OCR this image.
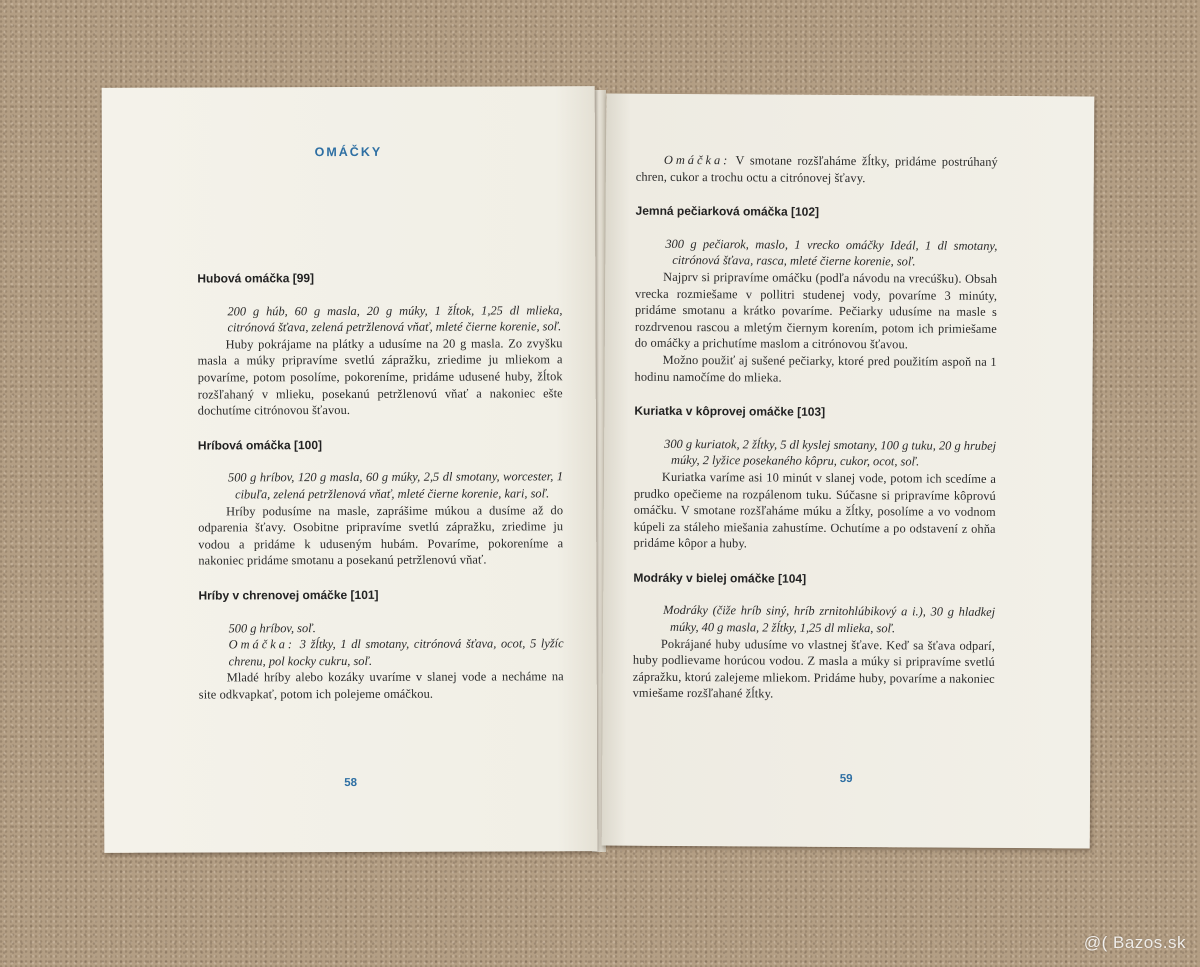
OMÁČKY
Hubová omáčka [99]
200 g húb, 60 g masla, 20 g múky, 1 žĺtok, 1,25 dl mlieka, citrónová šťava, zelená petržlenová vňať, mleté čierne korenie, soľ.
Huby pokrájame na plátky a udusíme na 20 g masla. Zo zvyšku masla a múky pripravíme svetlú zápražku, zriedime ju mliekom a povaríme, potom posolíme, pokoreníme, pridáme udusené huby, žĺtok rozšľahaný v mlieku, posekanú petržlenovú vňať a nakoniec ešte dochutíme citrónovou šťavou.
Hríbová omáčka [100]
500 g hríbov, 120 g masla, 60 g múky, 2,5 dl smotany, worcester, 1 cibuľa, zelená petržlenová vňať, mleté čierne korenie, kari, soľ.
Hríby podusíme na masle, zaprášime múkou a dusíme až do odparenia šťavy. Osobitne pripravíme svetlú zápražku, zriedime ju vodou a pridáme k uduseným hubám. Povaríme, pokoreníme a nakoniec pridáme smotanu a posekanú petržlenovú vňať.
Hríby v chrenovej omáčke [101]
500 g hríbov, soľ.
Omáčka: 3 žĺtky, 1 dl smotany, citrónová šťava, ocot, 5 lyžíc chrenu, pol kocky cukru, soľ.
Mladé hríby alebo kozáky uvaríme v slanej vode a necháme na site odkvapkať, potom ich polejeme omáčkou.
58
Omáčka: V smotane rozšľaháme žĺtky, pridáme postrúhaný chren, cukor a trochu octu a citrónovej šťavy.
Jemná pečiarková omáčka [102]
300 g pečiarok, maslo, 1 vrecko omáčky Ideál, 1 dl smotany, citrónová šťava, rasca, mleté čierne korenie, soľ.
Najprv si pripravíme omáčku (podľa návodu na vrecúšku). Obsah vrecka rozmiešame v pollitri studenej vody, povaríme 3 minúty, pridáme smotanu a krátko povaríme. Pečiarky udusíme na masle s rozdrvenou rascou a mletým čiernym korením, potom ich primiešame do omáčky a prichutíme maslom a citrónovou šťavou.
Možno použiť aj sušené pečiarky, ktoré pred použitím aspoň na 1 hodinu namočíme do mlieka.
Kuriatka v kôprovej omáčke [103]
300 g kuriatok, 2 žĺtky, 5 dl kyslej smotany, 100 g tuku, 20 g hrubej múky, 2 lyžice posekaného kôpru, cukor, ocot, soľ.
Kuriatka varíme asi 10 minút v slanej vode, potom ich scedíme a prudko opečieme na rozpálenom tuku. Súčasne si pripravíme kôprovú omáčku. V smotane rozšľaháme múku a žĺtky, posolíme a vo vodnom kúpeli za stáleho miešania zahustíme. Ochutíme a po odstavení z ohňa pridáme kôpor a huby.
Modráky v bielej omáčke [104]
Modráky (čiže hríb siný, hríb zrnitohlúbikový a i.), 30 g hladkej múky, 40 g masla, 2 žĺtky, 1,25 dl mlieka, soľ.
Pokrájané huby udusíme vo vlastnej šťave. Keď sa šťava odparí, huby podlievame horúcou vodou. Z masla a múky si pripravíme svetlú zápražku, ktorú zalejeme mliekom. Pridáme huby, povaríme a nakoniec vmiešame rozšľahané žĺtky.
59
@( Bazos.sk
